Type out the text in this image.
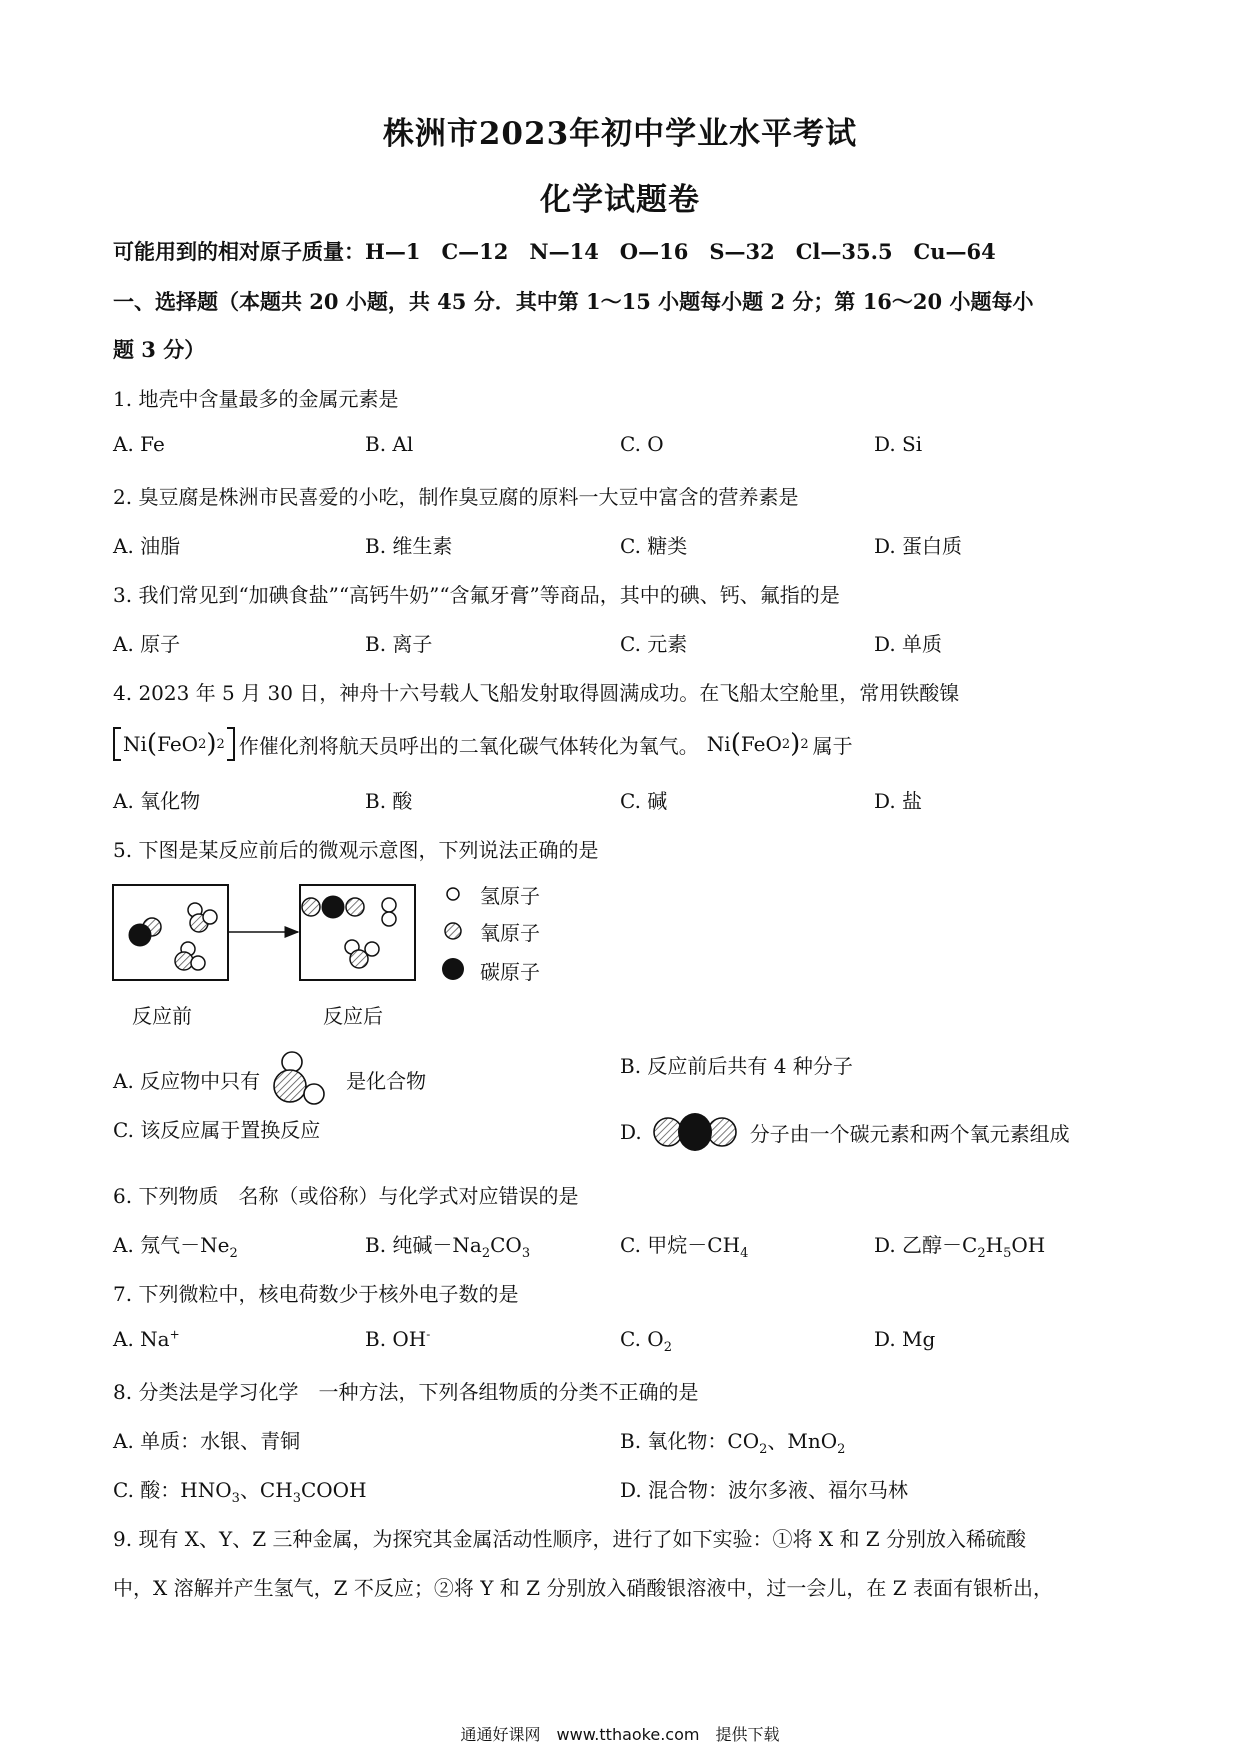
株洲市2023年初中学业水平考试
化学试题卷
可能用到的相对原子质量：H—1　C—12　N—14　O—16　S—32　Cl—35.5　Cu—64
一、选择题（本题共 20 小题，共 45 分．其中第 1～15 小题每小题 2 分；第 16～20 小题每小
题 3 分）
1. 地壳中含量最多的金属元素是
A. Fe	B. Al	C. O	D. Si
2. 臭豆腐是株洲市民喜爱的小吃，制作臭豆腐的原料一大豆中富含的营养素是
A. 油脂	B. 维生素	C. 糖类	D. 蛋白质
3. 我们常见到“加碘食盐”“高钙牛奶”“含氟牙膏”等商品，其中的碘、钙、氟指的是
A. 原子	B. 离子	C. 元素	D. 单质
4. 2023 年 5 月 30 日，神舟十六号载人飞船发射取得圆满成功。在飞船太空舱里，常用铁酸镍
Ni ( FeO 2 ) 2 作催化剂将航天员呼出的二氧化碳气体转化为氧气。 Ni ( FeO 2 ) 2 属于
A. 氧化物	B. 酸	C. 碱	D. 盐
5. 下图是某反应前后的微观示意图，下列说法正确的是
氢原子
氧原子
碳原子
反应前	反应后
A. 反应物中只有	是化合物
B. 反应前后共有 4 种分子
C. 该反应属于置换反应	D.	分子由一个碳元素和两个氧元素组成
6. 下列物质　名称（或俗称）与化学式对应错误的是
A. 氖气$-Ne_2$	B. 纯碱$-Na_2CO_3$	C. 甲烷$-CH_4$	D. 乙醇$-C_2H_5OH$
7. 下列微粒中，核电荷数少于核外电子数的是
A. Na+	B. OH-	C. $O_2$	D. Mg
8. 分类法是学习化学　一种方法，下列各组物质的分类不正确的是
A. 单质：水银、青铜	B. 氧化物：$CO_2$、MnO$_2$
C. 酸：$HNO_3$、$CH_3COOH$	D. 混合物：波尔多液、福尔马林
9. 现有 X、Y、Z 三种金属，为探究其金属活动性顺序，进行了如下实验：①将 X 和 Z 分别放入稀硫酸
中，X 溶解并产生氢气，Z 不反应；②将 Y 和 Z 分别放入硝酸银溶液中，过一会儿，在 Z 表面有银析出，
通通好课网　www.tthaoke.com　提供下载
